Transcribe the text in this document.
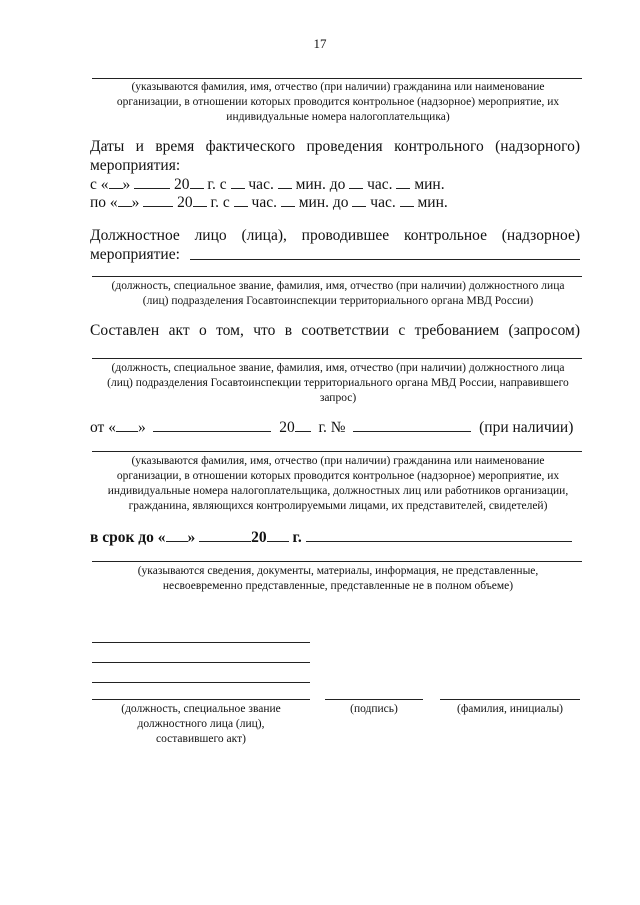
17
(указываются фамилия, имя, отчество (при наличии) гражданина или наименование
организации, в отношении которых проводится контрольное (надзорное) мероприятие, их
индивидуальные номера налогоплательщика)
Даты и время фактического проведения контрольного (надзорного)
мероприятия:
с « »	20 г. с час. мин. до час. мин.
по « » 20 г. с час. мин. до час. мин.
Должностное лицо (лица), проводившее контрольное (надзорное)
мероприятие:
(должность, специальное звание, фамилия, имя, отчество (при наличии) должностного лица
(лиц) подразделения Госавтоинспекции территориального органа МВД России)
Составлен акт о том, что в соответствии с требованием (запросом)
(должность, специальное звание, фамилия, имя, отчество (при наличии) должностного лица
(лиц) подразделения Госавтоинспекции территориального органа МВД России, направившего
запрос)
от « »	20 г. №	(при наличии)
(указываются фамилия, имя, отчество (при наличии) гражданина или наименование
организации, в отношении которых проводится контрольное (надзорное) мероприятие, их
индивидуальные номера налогоплательщика, должностных лиц или работников организации,
гражданина, являющихся контролируемыми лицами, их представителей, свидетелей)
в срок до « »	20 г.
(указываются сведения, документы, материалы, информация, не представленные,
несвоевременно представленные, представленные не в полном объеме)
(должность, специальное звание
должностного лица (лиц),
составившего акт)
(подпись)	(фамилия, инициалы)
